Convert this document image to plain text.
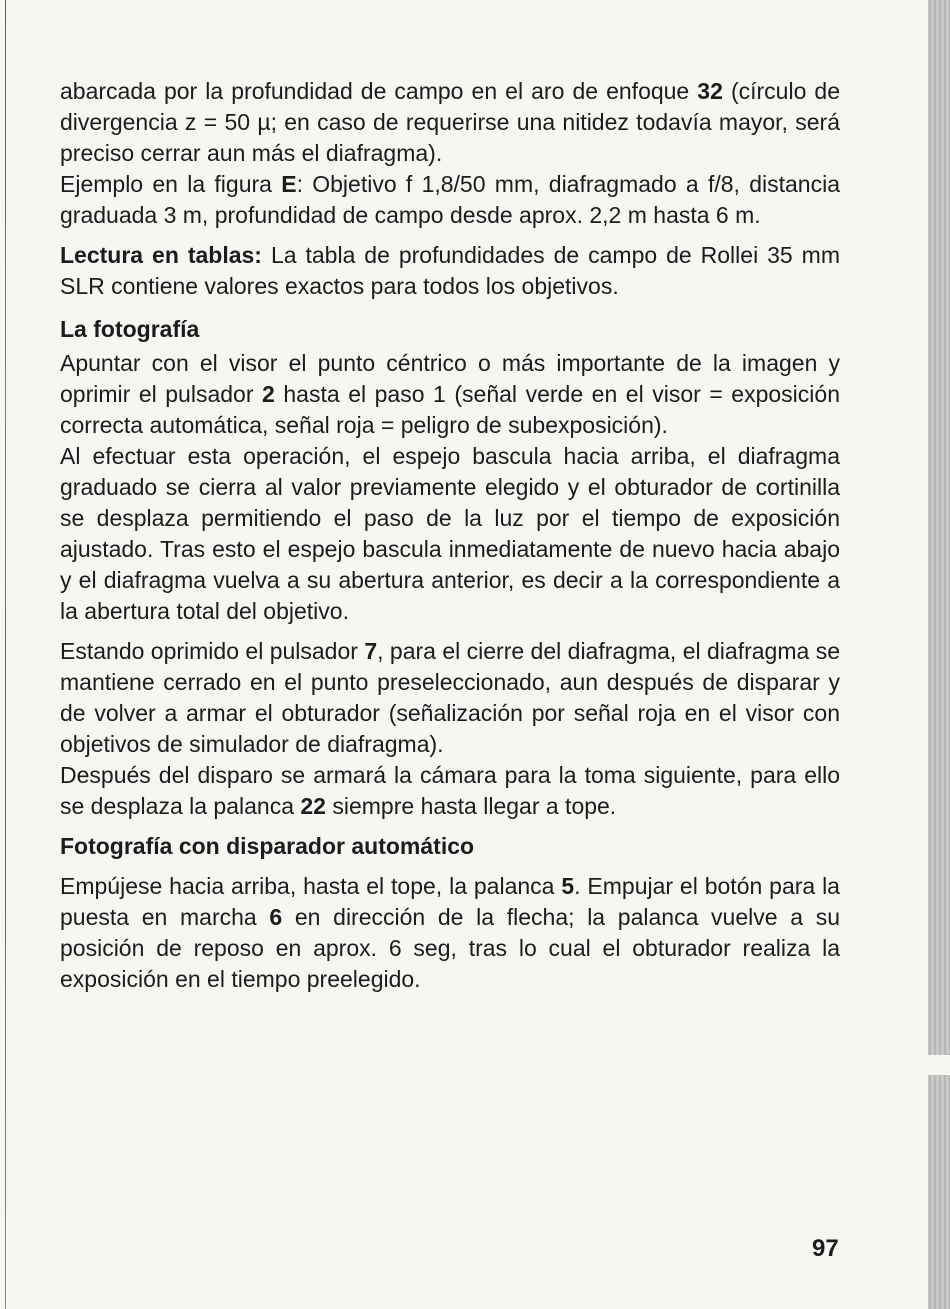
abarcada por la profundidad de campo en el aro de enfoque 32 (círculo de divergencia z = 50 µ; en caso de requerirse una nitidez todavía mayor, será preciso cerrar aun más el diafragma).

Ejemplo en la figura E: Objetivo f 1,8/50 mm, diafragmado a f/8, distancia graduada 3 m, profundidad de campo desde aprox. 2,2 m hasta 6 m.

Lectura en tablas: La tabla de profundidades de campo de Rollei 35 mm SLR contiene valores exactos para todos los objetivos.

La fotografía

Apuntar con el visor el punto céntrico o más importante de la imagen y oprimir el pulsador 2 hasta el paso 1 (señal verde en el visor = exposición correcta automática, señal roja = peligro de subexposición).

Al efectuar esta operación, el espejo bascula hacia arriba, el diafragma graduado se cierra al valor previamente elegido y el obturador de cortinilla se desplaza permitiendo el paso de la luz por el tiempo de exposición ajustado. Tras esto el espejo bascula inmediatamente de nuevo hacia abajo y el diafragma vuelva a su abertura anterior, es decir a la correspondiente a la abertura total del objetivo.

Estando oprimido el pulsador 7, para el cierre del diafragma, el diafragma se mantiene cerrado en el punto preseleccionado, aun después de disparar y de volver a armar el obturador (señalización por señal roja en el visor con objetivos de simulador de diafragma).

Después del disparo se armará la cámara para la toma siguiente, para ello se desplaza la palanca 22 siempre hasta llegar a tope.

Fotografía con disparador automático

Empújese hacia arriba, hasta el tope, la palanca 5. Empujar el botón para la puesta en marcha 6 en dirección de la flecha; la palanca vuelve a su posición de reposo en aprox. 6 seg, tras lo cual el obturador realiza la exposición en el tiempo preelegido.

97
